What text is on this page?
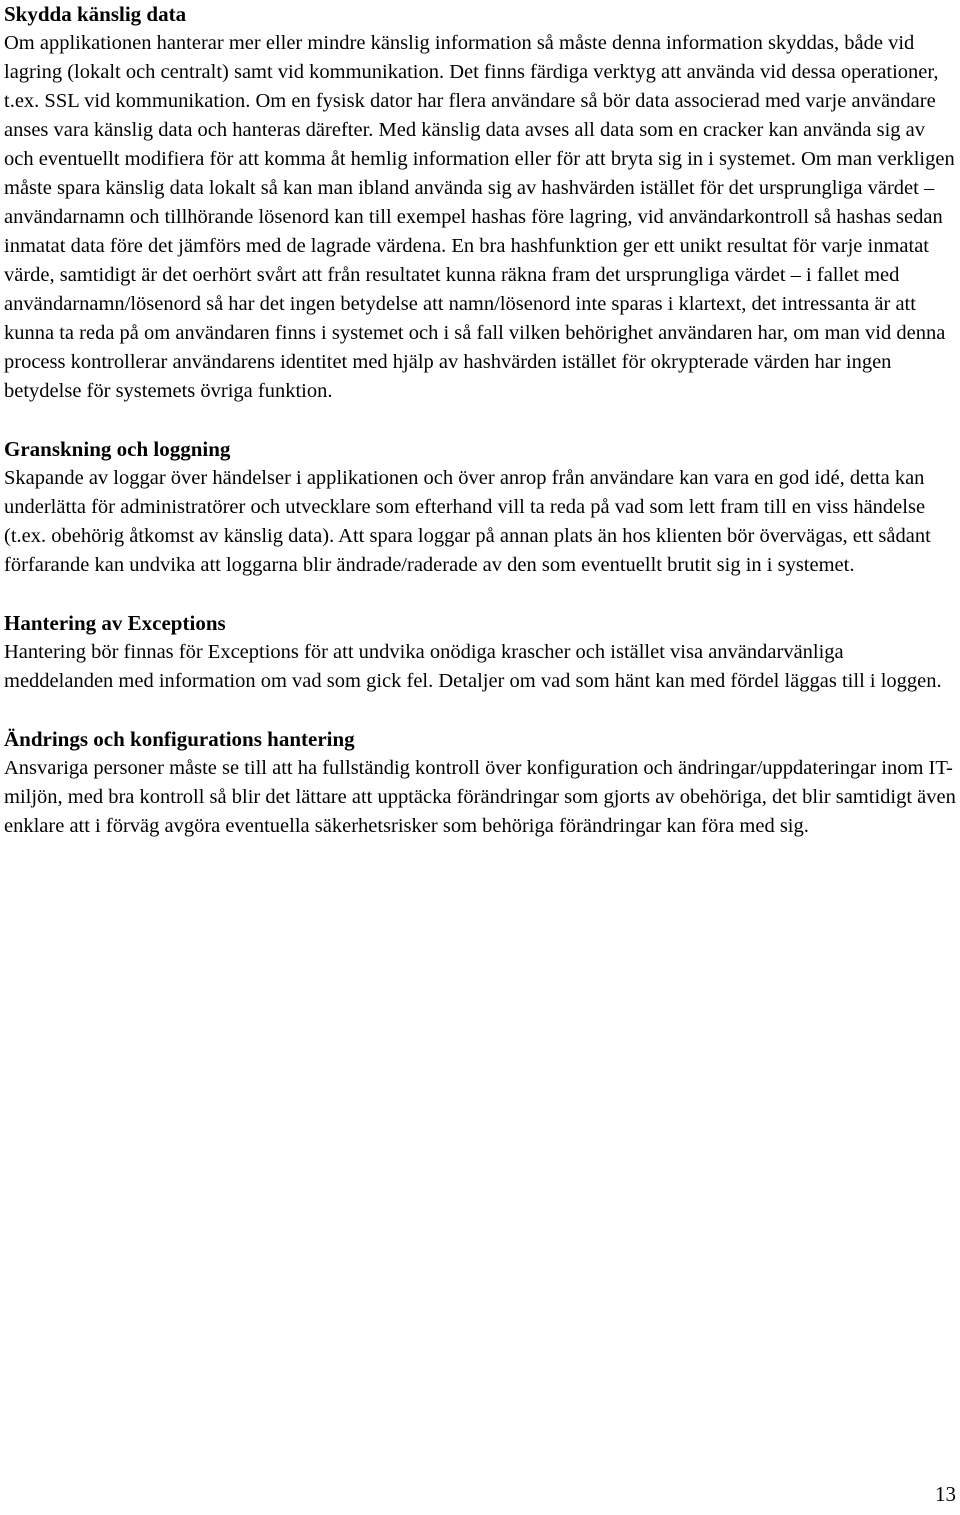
Skydda känslig data

Om applikationen hanterar mer eller mindre känslig information så måste denna information skyddas, både vid lagring (lokalt och centralt) samt vid kommunikation. Det finns färdiga verktyg att använda vid dessa operationer, t.ex. SSL vid kommunikation. Om en fysisk dator har flera användare så bör data associerad med varje användare anses vara känslig data och hanteras därefter. Med känslig data avses all data som en cracker kan använda sig av och eventuellt modifiera för att komma åt hemlig information eller för att bryta sig in i systemet. Om man verkligen måste spara känslig data lokalt så kan man ibland använda sig av hashvärden istället för det ursprungliga värdet – användarnamn och tillhörande lösenord kan till exempel hashas före lagring, vid användarkontroll så hashas sedan inmatat data före det jämförs med de lagrade värdena. En bra hashfunktion ger ett unikt resultat för varje inmatat värde, samtidigt är det oerhört svårt att från resultatet kunna räkna fram det ursprungliga värdet – i fallet med användarnamn/lösenord så har det ingen betydelse att namn/lösenord inte sparas i klartext, det intressanta är att kunna ta reda på om användaren finns i systemet och i så fall vilken behörighet användaren har, om man vid denna process kontrollerar användarens identitet med hjälp av hashvärden istället för okrypterade värden har ingen betydelse för systemets övriga funktion.

Granskning och loggning

Skapande av loggar över händelser i applikationen och över anrop från användare kan vara en god idé, detta kan underlätta för administratörer och utvecklare som efterhand vill ta reda på vad som lett fram till en viss händelse (t.ex. obehörig åtkomst av känslig data). Att spara loggar på annan plats än hos klienten bör övervägas, ett sådant förfarande kan undvika att loggarna blir ändrade/raderade av den som eventuellt brutit sig in i systemet.

Hantering av Exceptions

Hantering bör finnas för Exceptions för att undvika onödiga krascher och istället visa användarvänliga meddelanden med information om vad som gick fel. Detaljer om vad som hänt kan med fördel läggas till i loggen.

Ändrings och konfigurations hantering

Ansvariga personer måste se till att ha fullständig kontroll över konfiguration och ändringar/uppdateringar inom IT-miljön, med bra kontroll så blir det lättare att upptäcka förändringar som gjorts av obehöriga, det blir samtidigt även enklare att i förväg avgöra eventuella säkerhetsrisker som behöriga förändringar kan föra med sig.

13
